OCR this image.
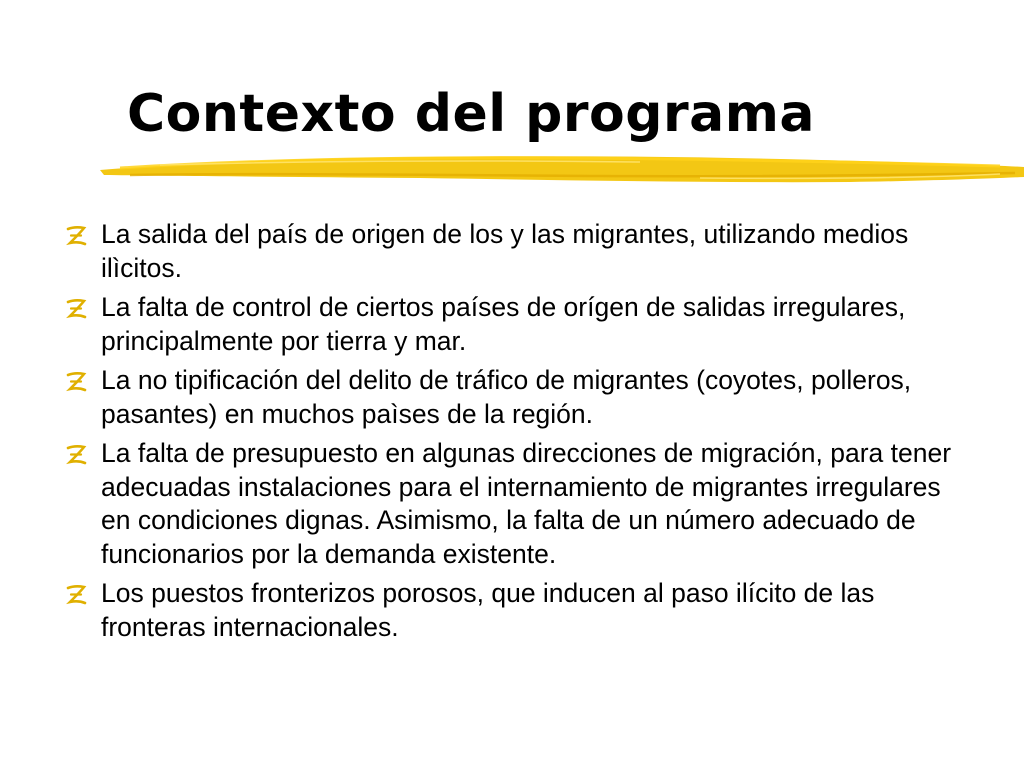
Contexto del programa
La salida del país de origen de los y las migrantes, utilizando medios ilìcitos.
La falta de control de ciertos países de orígen de salidas irregulares, principalmente por tierra y mar.
La no tipificación del delito de tráfico de migrantes (coyotes, polleros, pasantes) en muchos paìses de la región.
La falta de presupuesto en algunas direcciones de migración, para tener adecuadas instalaciones para el internamiento de migrantes irregulares en condiciones dignas. Asimismo, la falta de un número adecuado de funcionarios por la demanda existente.
Los puestos fronterizos porosos, que inducen al paso ilícito de las fronteras internacionales.
